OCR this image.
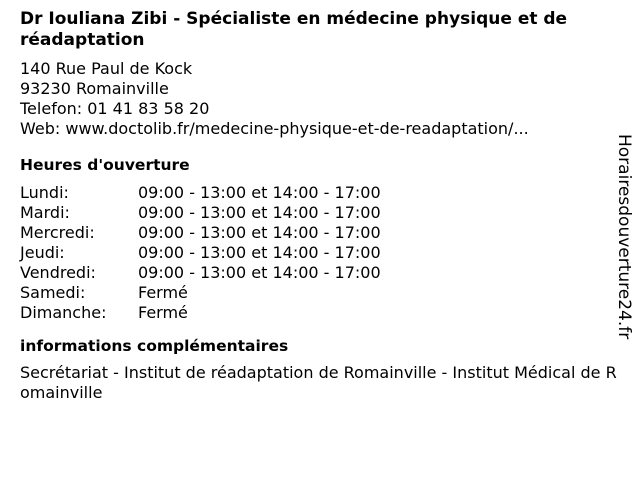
Dr Iouliana Zibi - Spécialiste en médecine physique et de réadaptation
140 Rue Paul de Kock
93230 Romainville
Telefon: 01 41 83 58 20
Web: www.doctolib.fr/medecine-physique-et-de-readaptation/...
Heures d'ouverture
Lundi:	09:00 - 13:00 et 14:00 - 17:00
Mardi:	09:00 - 13:00 et 14:00 - 17:00
Mercredi:	09:00 - 13:00 et 14:00 - 17:00
Jeudi:	09:00 - 13:00 et 14:00 - 17:00
Vendredi:	09:00 - 13:00 et 14:00 - 17:00
Samedi:	Fermé
Dimanche:	Fermé
informations complémentaires
Secrétariat - Institut de réadaptation de Romainville - Institut Médical de Romainville
Horairesdouverture24.fr
